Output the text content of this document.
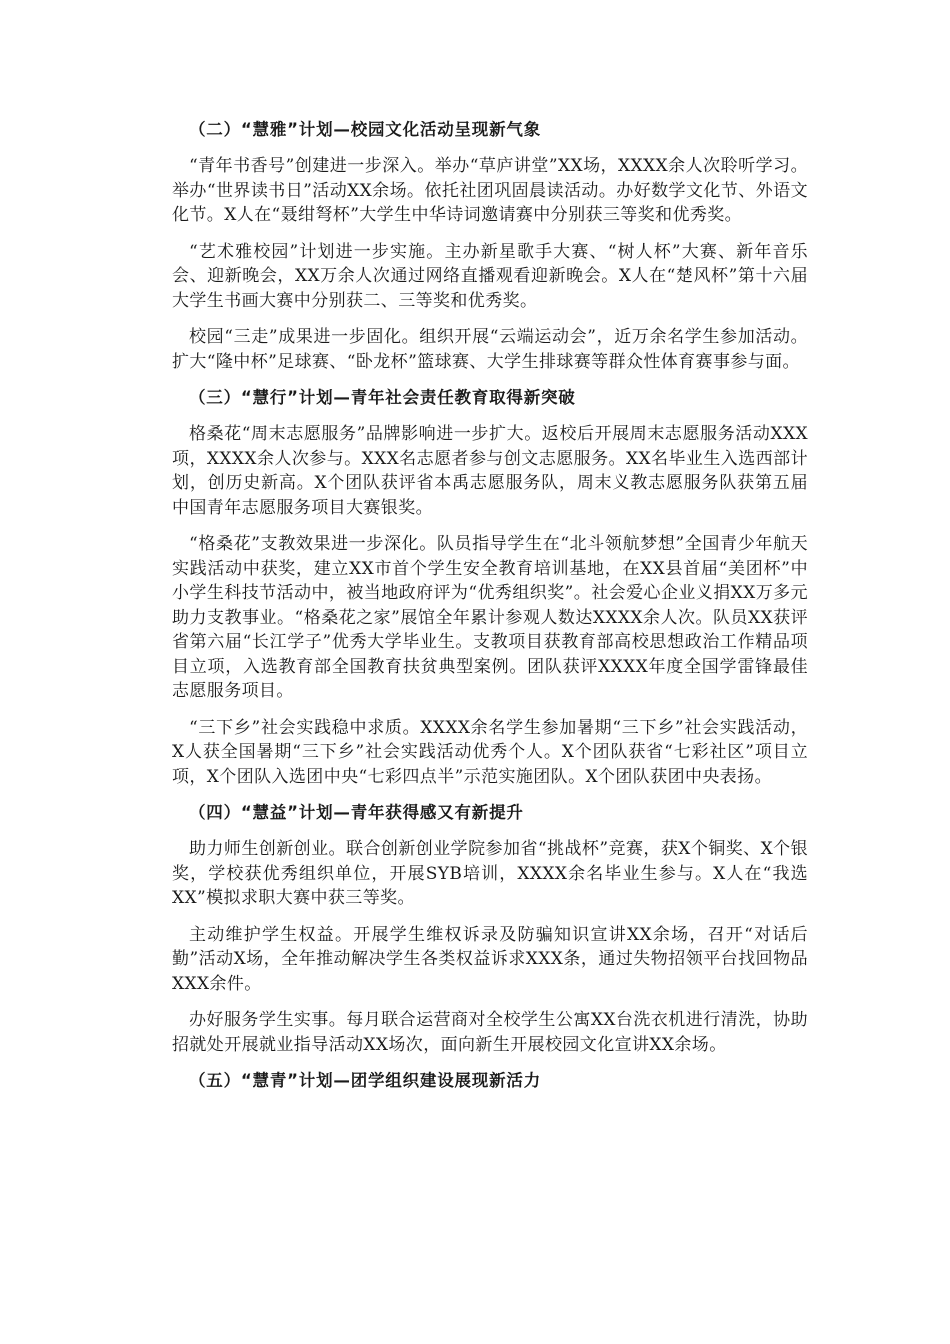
（二）“慧雅”计划—校园文化活动呈现新气象

“青年书香号”创建进一步深入。举办“草庐讲堂”XX场，XXXX余人次聆听学习。举办“世界读书日”活动XX余场。依托社团巩固晨读活动。办好数学文化节、外语文化节。X人在“聂绀弩杯”大学生中华诗词邀请赛中分别获三等奖和优秀奖。

“艺术雅校园”计划进一步实施。主办新星歌手大赛、“树人杯”大赛、新年音乐会、迎新晚会，XX万余人次通过网络直播观看迎新晚会。X人在“楚风杯”第十六届大学生书画大赛中分别获二、三等奖和优秀奖。

校园“三走”成果进一步固化。组织开展“云端运动会”，近万余名学生参加活动。扩大“隆中杯”足球赛、“卧龙杯”篮球赛、大学生排球赛等群众性体育赛事参与面。

（三）“慧行”计划—青年社会责任教育取得新突破

格桑花“周末志愿服务”品牌影响进一步扩大。返校后开展周末志愿服务活动XXX项，XXXX余人次参与。XXX名志愿者参与创文志愿服务。XX名毕业生入选西部计划，创历史新高。X个团队获评省本禹志愿服务队，周末义教志愿服务队获第五届中国青年志愿服务项目大赛银奖。

“格桑花”支教效果进一步深化。队员指导学生在“北斗领航梦想”全国青少年航天实践活动中获奖，建立XX市首个学生安全教育培训基地，在XX县首届“美团杯”中小学生科技节活动中，被当地政府评为“优秀组织奖”。社会爱心企业义捐XX万多元助力支教事业。“格桑花之家”展馆全年累计参观人数达XXXX余人次。队员XX获评省第六届“长江学子”优秀大学毕业生。支教项目获教育部高校思想政治工作精品项目立项，入选教育部全国教育扶贫典型案例。团队获评XXXX年度全国学雷锋最佳志愿服务项目。

“三下乡”社会实践稳中求质。XXXX余名学生参加暑期“三下乡”社会实践活动，X人获全国暑期“三下乡”社会实践活动优秀个人。X个团队获省“七彩社区”项目立项，X个团队入选团中央“七彩四点半”示范实施团队。X个团队获团中央表扬。

（四）“慧益”计划—青年获得感又有新提升

助力师生创新创业。联合创新创业学院参加省“挑战杯”竞赛，获X个铜奖、X个银奖，学校获优秀组织单位，开展SYB培训，XXXX余名毕业生参与。X人在“我选XX”模拟求职大赛中获三等奖。

主动维护学生权益。开展学生维权诉录及防骗知识宣讲XX余场，召开“对话后勤”活动X场，全年推动解决学生各类权益诉求XXX条，通过失物招领平台找回物品XXX余件。

办好服务学生实事。每月联合运营商对全校学生公寓XX台洗衣机进行清洗，协助招就处开展就业指导活动XX场次，面向新生开展校园文化宣讲XX余场。

（五）“慧青”计划—团学组织建设展现新活力
